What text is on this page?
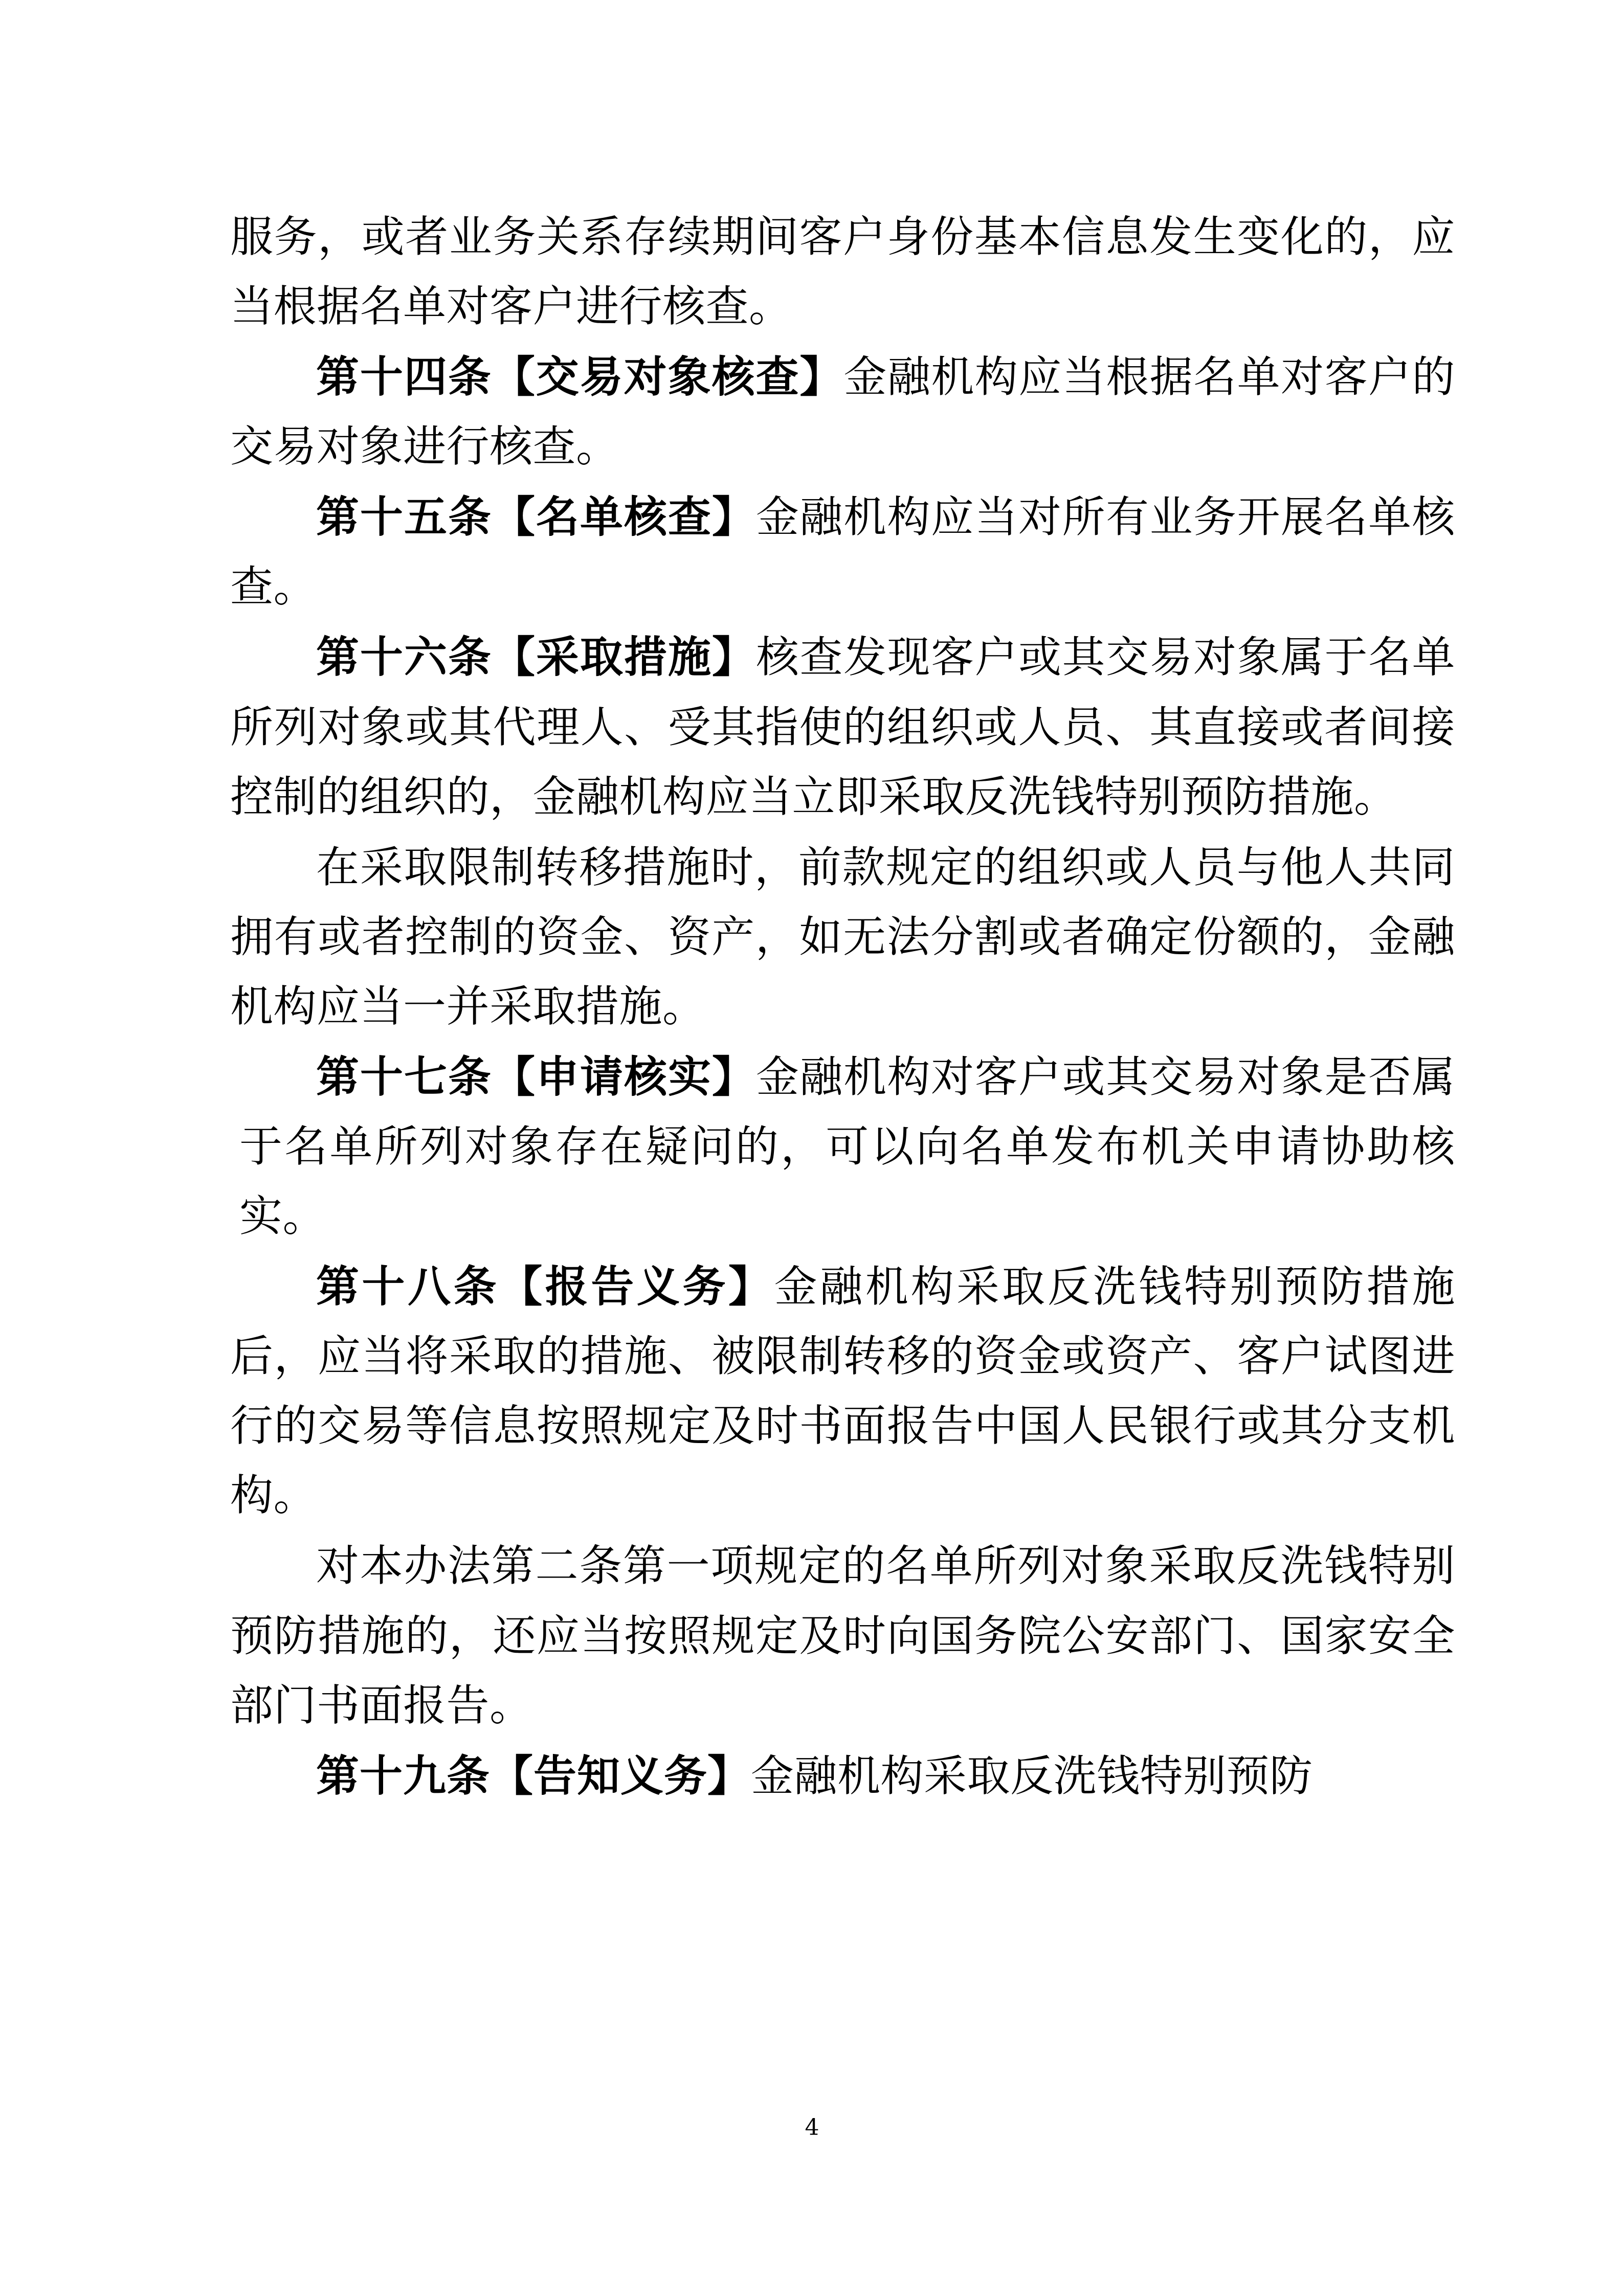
服务，或者业务关系存续期间客户身份基本信息发生变化的，应当根据名单对客户进行核查。

第十四条【交易对象核查】金融机构应当根据名单对客户的交易对象进行核查。

第十五条【名单核查】金融机构应当对所有业务开展名单核查。

第十六条【采取措施】核查发现客户或其交易对象属于名单所列对象或其代理人、受其指使的组织或人员、其直接或者间接控制的组织的，金融机构应当立即采取反洗钱特别预防措施。

在采取限制转移措施时，前款规定的组织或人员与他人共同拥有或者控制的资金、资产，如无法分割或者确定份额的，金融机构应当一并采取措施。

第十七条【申请核实】金融机构对客户或其交易对象是否属于名单所列对象存在疑问的，可以向名单发布机关申请协助核实。

第十八条【报告义务】金融机构采取反洗钱特别预防措施后，应当将采取的措施、被限制转移的资金或资产、客户试图进行的交易等信息按照规定及时书面报告中国人民银行或其分支机构。

对本办法第二条第一项规定的名单所列对象采取反洗钱特别预防措施的，还应当按照规定及时向国务院公安部门、国家安全部门书面报告。

第十九条【告知义务】金融机构采取反洗钱特别预防

4
